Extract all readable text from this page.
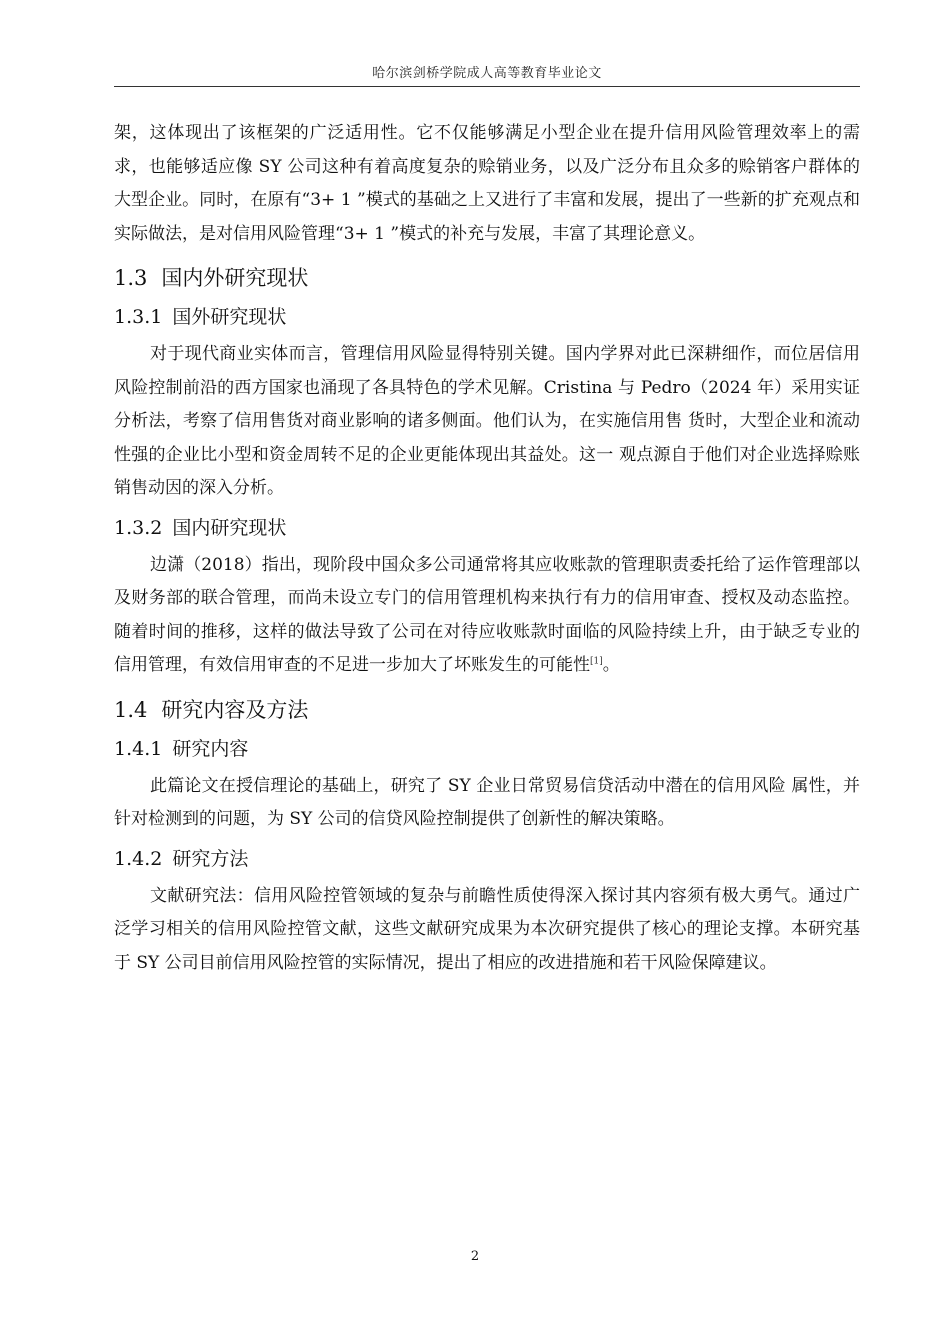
哈尔滨剑桥学院成人高等教育毕业论文

架，这体现出了该框架的广泛适用性。它不仅能够满足小型企业在提升信用风险管理效率上的需求，也能够适应像 SY 公司这种有着高度复杂的赊销业务，以及广泛分布且众多的赊销客户群体的大型企业。同时，在原有“3+ 1 ”模式的基础之上又进行了丰富和发展，提出了一些新的扩充观点和实际做法，是对信用风险管理“3+ 1 ”模式的补充与发展，丰富了其理论意义。

1.3 国内外研究现状
1.3.1 国外研究现状

对于现代商业实体而言，管理信用风险显得特别关键。国内学界对此已深耕细作，而位居信用风险控制前沿的西方国家也涌现了各具特色的学术见解。Cristina 与 Pedro（2024 年）采用实证分析法，考察了信用售货对商业影响的诸多侧面。他们认为，在实施信用售 货时，大型企业和流动性强的企业比小型和资金周转不足的企业更能体现出其益处。这一 观点源自于他们对企业选择赊账销售动因的深入分析。

1.3.2 国内研究现状

边潇（2018）指出，现阶段中国众多公司通常将其应收账款的管理职责委托给了运作管理部以及财务部的联合管理，而尚未设立专门的信用管理机构来执行有力的信用审查、授权及动态监控。随着时间的推移，这样的做法导致了公司在对待应收账款时面临的风险持续上升，由于缺乏专业的信用管理，有效信用审查的不足进一步加大了坏账发生的可能性[1]。

1.4 研究内容及方法
1.4.1 研究内容

此篇论文在授信理论的基础上，研究了 SY 企业日常贸易信贷活动中潜在的信用风险 属性，并针对检测到的问题，为 SY 公司的信贷风险控制提供了创新性的解决策略。

1.4.2 研究方法

文献研究法：信用风险控管领域的复杂与前瞻性质使得深入探讨其内容须有极大勇气。通过广泛学习相关的信用风险控管文献，这些文献研究成果为本次研究提供了核心的理论支撑。本研究基于 SY 公司目前信用风险控管的实际情况，提出了相应的改进措施和若干风险保障建议。

2
